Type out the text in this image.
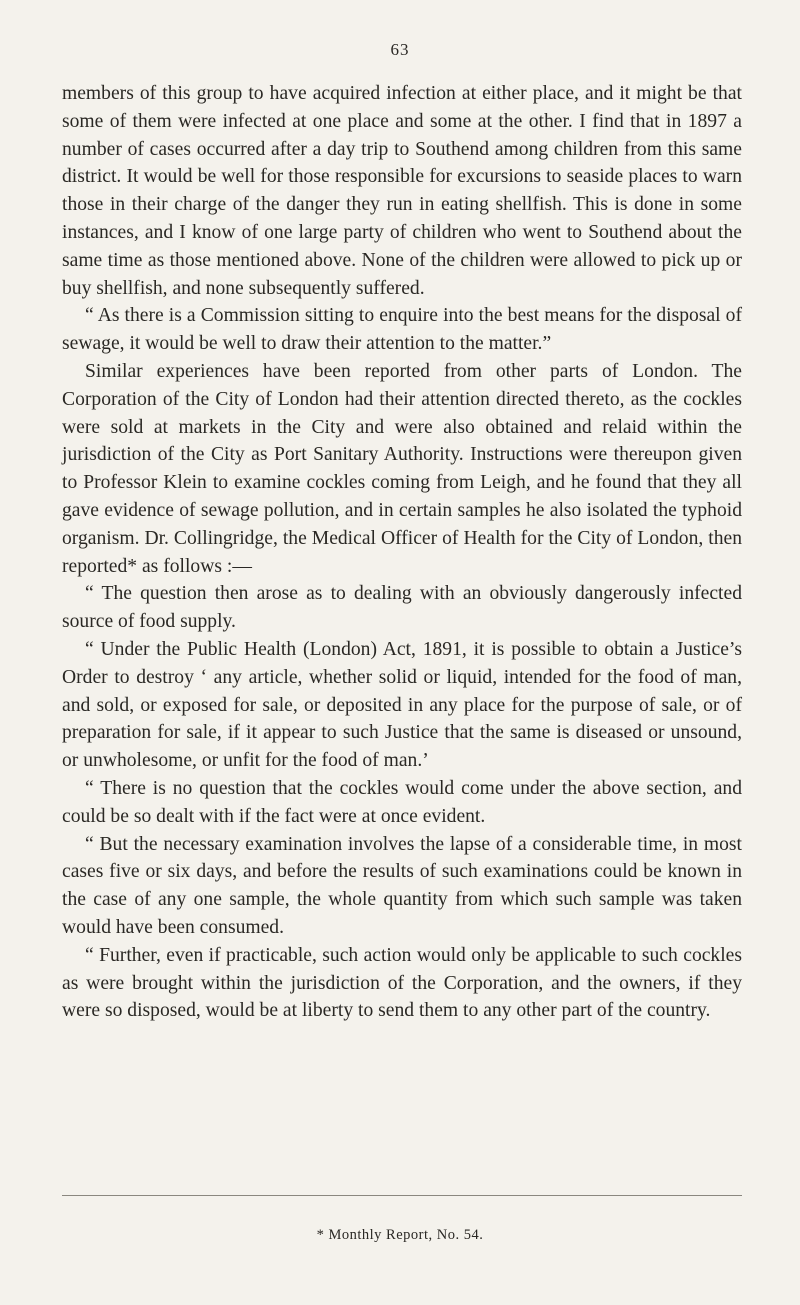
63

members of this group to have acquired infection at either place, and it might be that some of them were infected at one place and some at the other. I find that in 1897 a number of cases occurred after a day trip to Southend among children from this same district. It would be well for those responsible for excursions to seaside places to warn those in their charge of the danger they run in eating shellfish. This is done in some instances, and I know of one large party of children who went to Southend about the same time as those mentioned above. None of the children were allowed to pick up or buy shellfish, and none subsequently suffered.

“ As there is a Commission sitting to enquire into the best means for the disposal of sewage, it would be well to draw their attention to the matter.”

Similar experiences have been reported from other parts of London. The Corporation of the City of London had their attention directed thereto, as the cockles were sold at markets in the City and were also obtained and relaid within the jurisdiction of the City as Port Sanitary Authority. Instructions were thereupon given to Professor Klein to examine cockles coming from Leigh, and he found that they all gave evidence of sewage pollution, and in certain samples he also isolated the typhoid organism. Dr. Collingridge, the Medical Officer of Health for the City of London, then reported* as follows :—

“ The question then arose as to dealing with an obviously dangerously infected source of food supply.

“ Under the Public Health (London) Act, 1891, it is possible to obtain a Justice’s Order to destroy ‘ any article, whether solid or liquid, intended for the food of man, and sold, or exposed for sale, or deposited in any place for the purpose of sale, or of preparation for sale, if it appear to such Justice that the same is diseased or unsound, or unwholesome, or unfit for the food of man.’

“ There is no question that the cockles would come under the above section, and could be so dealt with if the fact were at once evident.

“ But the necessary examination involves the lapse of a considerable time, in most cases five or six days, and before the results of such examinations could be known in the case of any one sample, the whole quantity from which such sample was taken would have been consumed.

“ Further, even if practicable, such action would only be applicable to such cockles as were brought within the jurisdiction of the Corporation, and the owners, if they were so disposed, would be at liberty to send them to any other part of the country.

* Monthly Report, No. 54.
